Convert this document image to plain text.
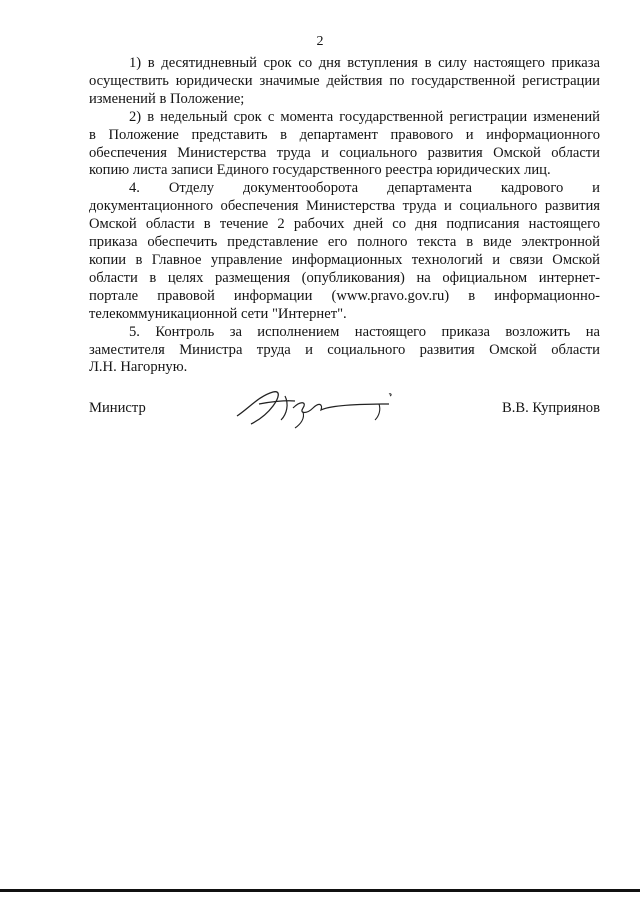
2

1) в десятидневный срок со дня вступления в силу настоящего приказа
осуществить юридически значимые действия по государственной регистрации
изменений в Положение;

2) в недельный срок с момента государственной регистрации изменений
в Положение представить в департамент правового и информационного
обеспечения Министерства труда и социального развития Омской области
копию листа записи Единого государственного реестра юридических лиц.

4. Отделу документооборота департамента кадрового и
документационного обеспечения Министерства труда и социального развития
Омской области в течение 2 рабочих дней со дня подписания настоящего
приказа обеспечить представление его полного текста в виде электронной
копии в Главное управление информационных технологий и связи Омской
области в целях размещения (опубликования) на официальном интернет-
портале правовой информации (www.pravo.gov.ru) в информационно-
телекоммуникационной сети "Интернет".

5. Контроль за исполнением настоящего приказа возложить на
заместителя Министра труда и социального развития Омской области
Л.Н. Нагорную.

Министр	В.В. Куприянов
